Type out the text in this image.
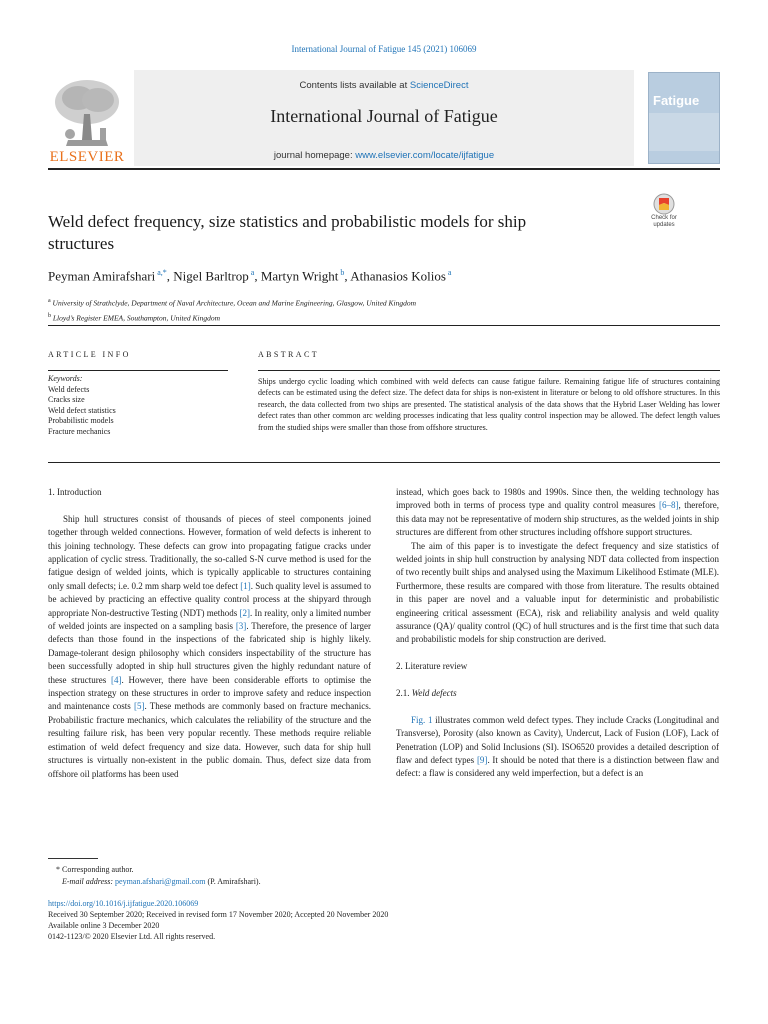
International Journal of Fatigue 145 (2021) 106069
ELSEVIER
Contents lists available at ScienceDirect
International Journal of Fatigue
journal homepage: www.elsevier.com/locate/ijfatigue
Fatigue
Weld defect frequency, size statistics and probabilistic models for ship structures
Check for updates
Peyman Amirafshari $^{a,*}$, Nigel Barltrop $^a$, Martyn Wright $^b$, Athanasios Kolios $^a$
$^a$ University of Strathclyde, Department of Naval Architecture, Ocean and Marine Engineering, Glasgow, United Kingdom
$^b$ Lloyd’s Register EMEA, Southampton, United Kingdom
ARTICLE INFO	ABSTRACT
Keywords:
Weld defects
Cracks size
Weld defect statistics
Probabilistic models
Fracture mechanics
Ships undergo cyclic loading which combined with weld defects can cause fatigue failure. Remaining fatigue life of structures containing defects can be estimated using the defect size. The defect data for ships is non-existent in literature or belong to old offshore structures. In this research, the data collected from two ships are presented. The statistical analysis of the data shows that the Hybrid Laser Welding has lower defect rates than other common arc welding processes indicating that less quality control inspection may be allowed. The defect length values from the studied ships were smaller than those from offshore structures.
1. Introduction

Ship hull structures consist of thousands of pieces of steel components joined together through welded connections. However, formation of weld defects is inherent to this joining technology. These defects can grow into propagating fatigue cracks under application of cyclic stress. Traditionally, the so-called S-N curve method is used for the fatigue design of welded joints, which is typically applicable to structures containing only small defects; i.e. 0.2 mm sharp weld toe defect [1]. Such quality level is assumed to be achieved by practicing an effective quality control process at the shipyard through appropriate Non-destructive Testing (NDT) methods [2]. In reality, only a limited number of welded joints are inspected on a sampling basis [3]. Therefore, the presence of larger defects than those found in the inspections of the fabricated ship is highly likely. Damage-tolerant design philosophy which considers inspectability of the structure has been successfully adopted in ship hull structures given the highly redundant nature of these structures [4]. However, there have been considerable efforts to optimise the inspection strategy on these structures in order to improve safety and reduce inspection and maintenance costs [5]. These methods are commonly based on fracture mechanics. Probabilistic fracture mechanics, which calculates the reliability of the structure and the resulting failure risk, has been very popular recently. These methods require reliable estimation of weld defect frequency and size data. However, such data for ship hull structures is virtually non-existent in the public domain. Thus, defect size data from offshore oil platforms has been used

instead, which goes back to 1980s and 1990s. Since then, the welding technology has improved both in terms of process type and quality control measures [6–8], therefore, this data may not be representative of modern ship structures, as the welded joints in ship structures are different from other structures including offshore support structures.

The aim of this paper is to investigate the defect frequency and size statistics of welded joints in ship hull construction by analysing NDT data collected from inspection of two recently built ships and analysed using the Maximum Likelihood Estimate (MLE). Furthermore, these results are compared with those from literature. The results obtained in this paper are novel and a valuable input for deterministic and probabilistic engineering critical assessment (ECA), risk and reliability analysis and weld quality assurance (QA)/ quality control (QC) of hull structures and is the first time that such data and probabilistic models for ship construction are derived.

2. Literature review
2.1. Weld defects

Fig. 1 illustrates common weld defect types. They include Cracks (Longitudinal and Transverse), Porosity (also known as Cavity), Undercut, Lack of Fusion (LOF), Lack of Penetration (LOP) and Solid Inclusions (SI). ISO6520 provides a detailed description of flaw and defect types [9]. It should be noted that there is a distinction between flaw and defect: a flaw is considered any weld imperfection, but a defect is an

* Corresponding author.
E-mail address: peyman.afshari@gmail.com (P. Amirafshari).
https://doi.org/10.1016/j.ijfatigue.2020.106069
Received 30 September 2020; Received in revised form 17 November 2020; Accepted 20 November 2020
Available online 3 December 2020
0142-1123/© 2020 Elsevier Ltd. All rights reserved.
